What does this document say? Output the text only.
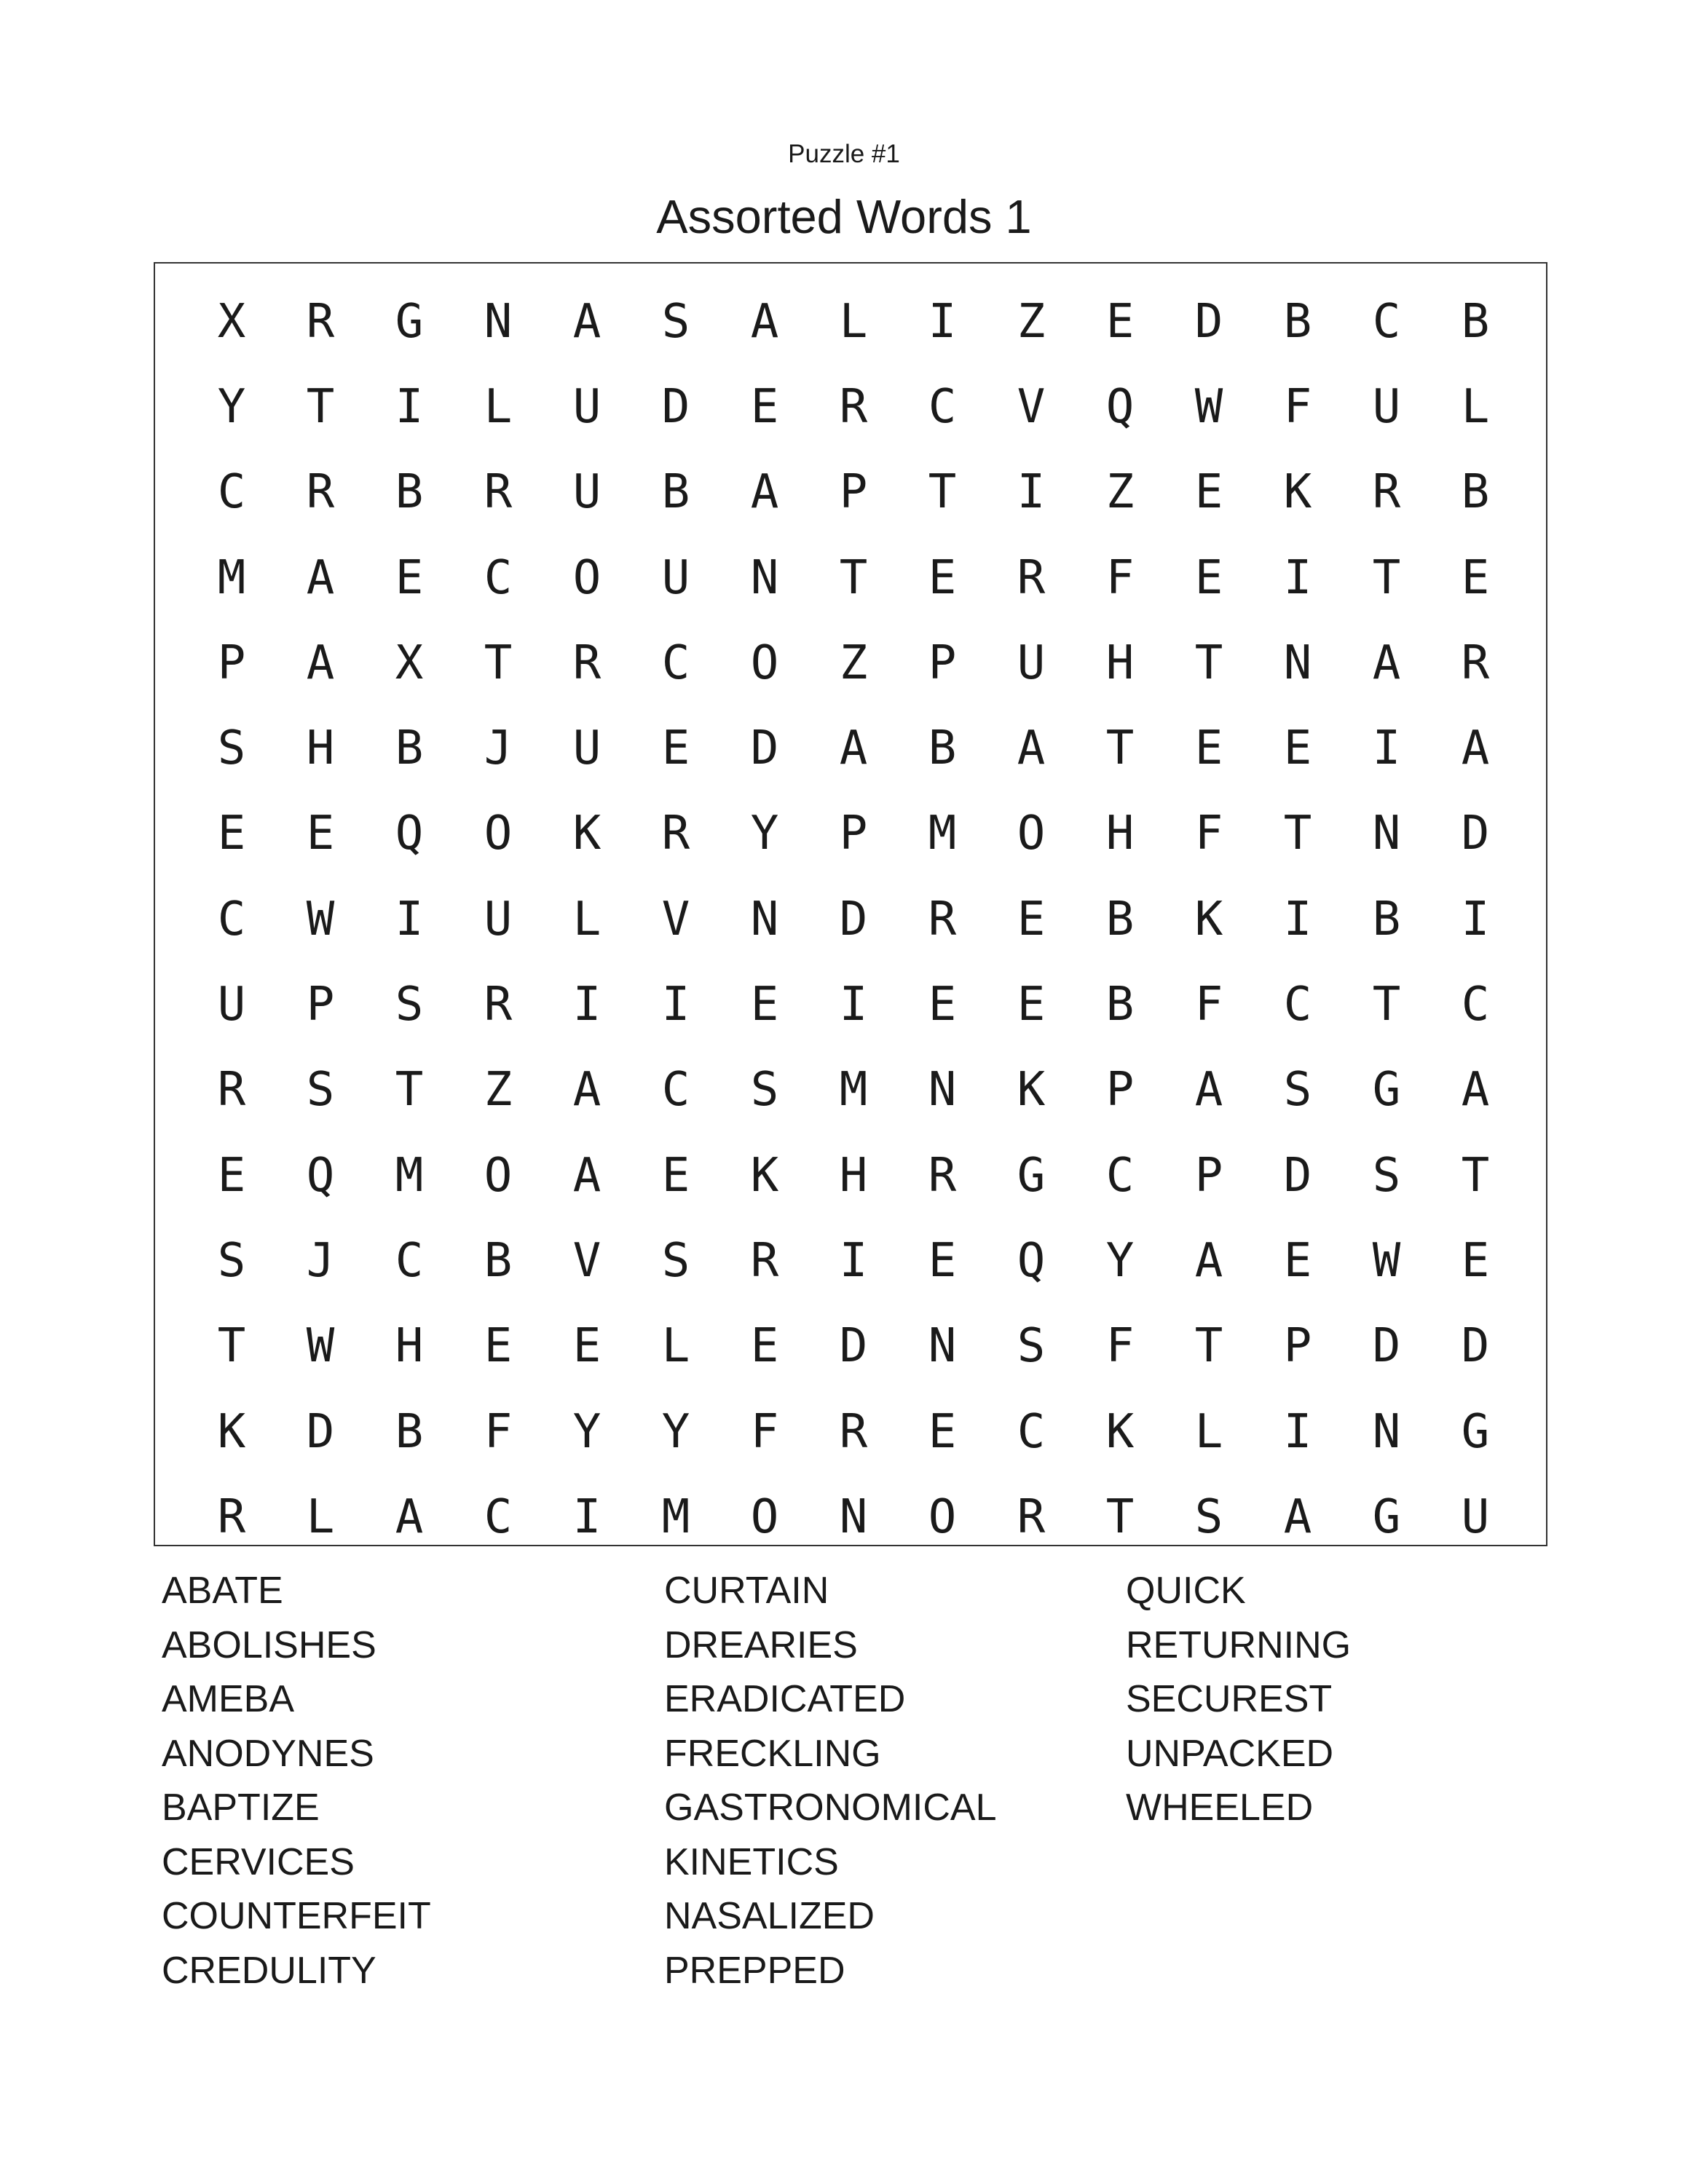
Puzzle #1
Assorted Words 1
X	R	G	N	A	S	A	L	I	Z	E	D	B	C	B
Y	T	I	L	U	D	E	R	C	V	Q	W	F	U	L
C	R	B	R	U	B	A	P	T	I	Z	E	K	R	B
M	A	E	C	O	U	N	T	E	R	F	E	I	T	E
P	A	X	T	R	C	O	Z	P	U	H	T	N	A	R
S	H	B	J	U	E	D	A	B	A	T	E	E	I	A
E	E	Q	O	K	R	Y	P	M	O	H	F	T	N	D
C	W	I	U	L	V	N	D	R	E	B	K	I	B	I
U	P	S	R	I	I	E	I	E	E	B	F	C	T	C
R	S	T	Z	A	C	S	M	N	K	P	A	S	G	A
E	Q	M	O	A	E	K	H	R	G	C	P	D	S	T
S	J	C	B	V	S	R	I	E	Q	Y	A	E	W	E
T	W	H	E	E	L	E	D	N	S	F	T	P	D	D
K	D	B	F	Y	Y	F	R	E	C	K	L	I	N	G
R	L	A	C	I	M	O	N	O	R	T	S	A	G	U
ABATE
ABOLISHES
AMEBA
ANODYNES
BAPTIZE
CERVICES
COUNTERFEIT
CREDULITY
CURTAIN
DREARIES
ERADICATED
FRECKLING
GASTRONOMICAL
KINETICS
NASALIZED
PREPPED
QUICK
RETURNING
SECUREST
UNPACKED
WHEELED
